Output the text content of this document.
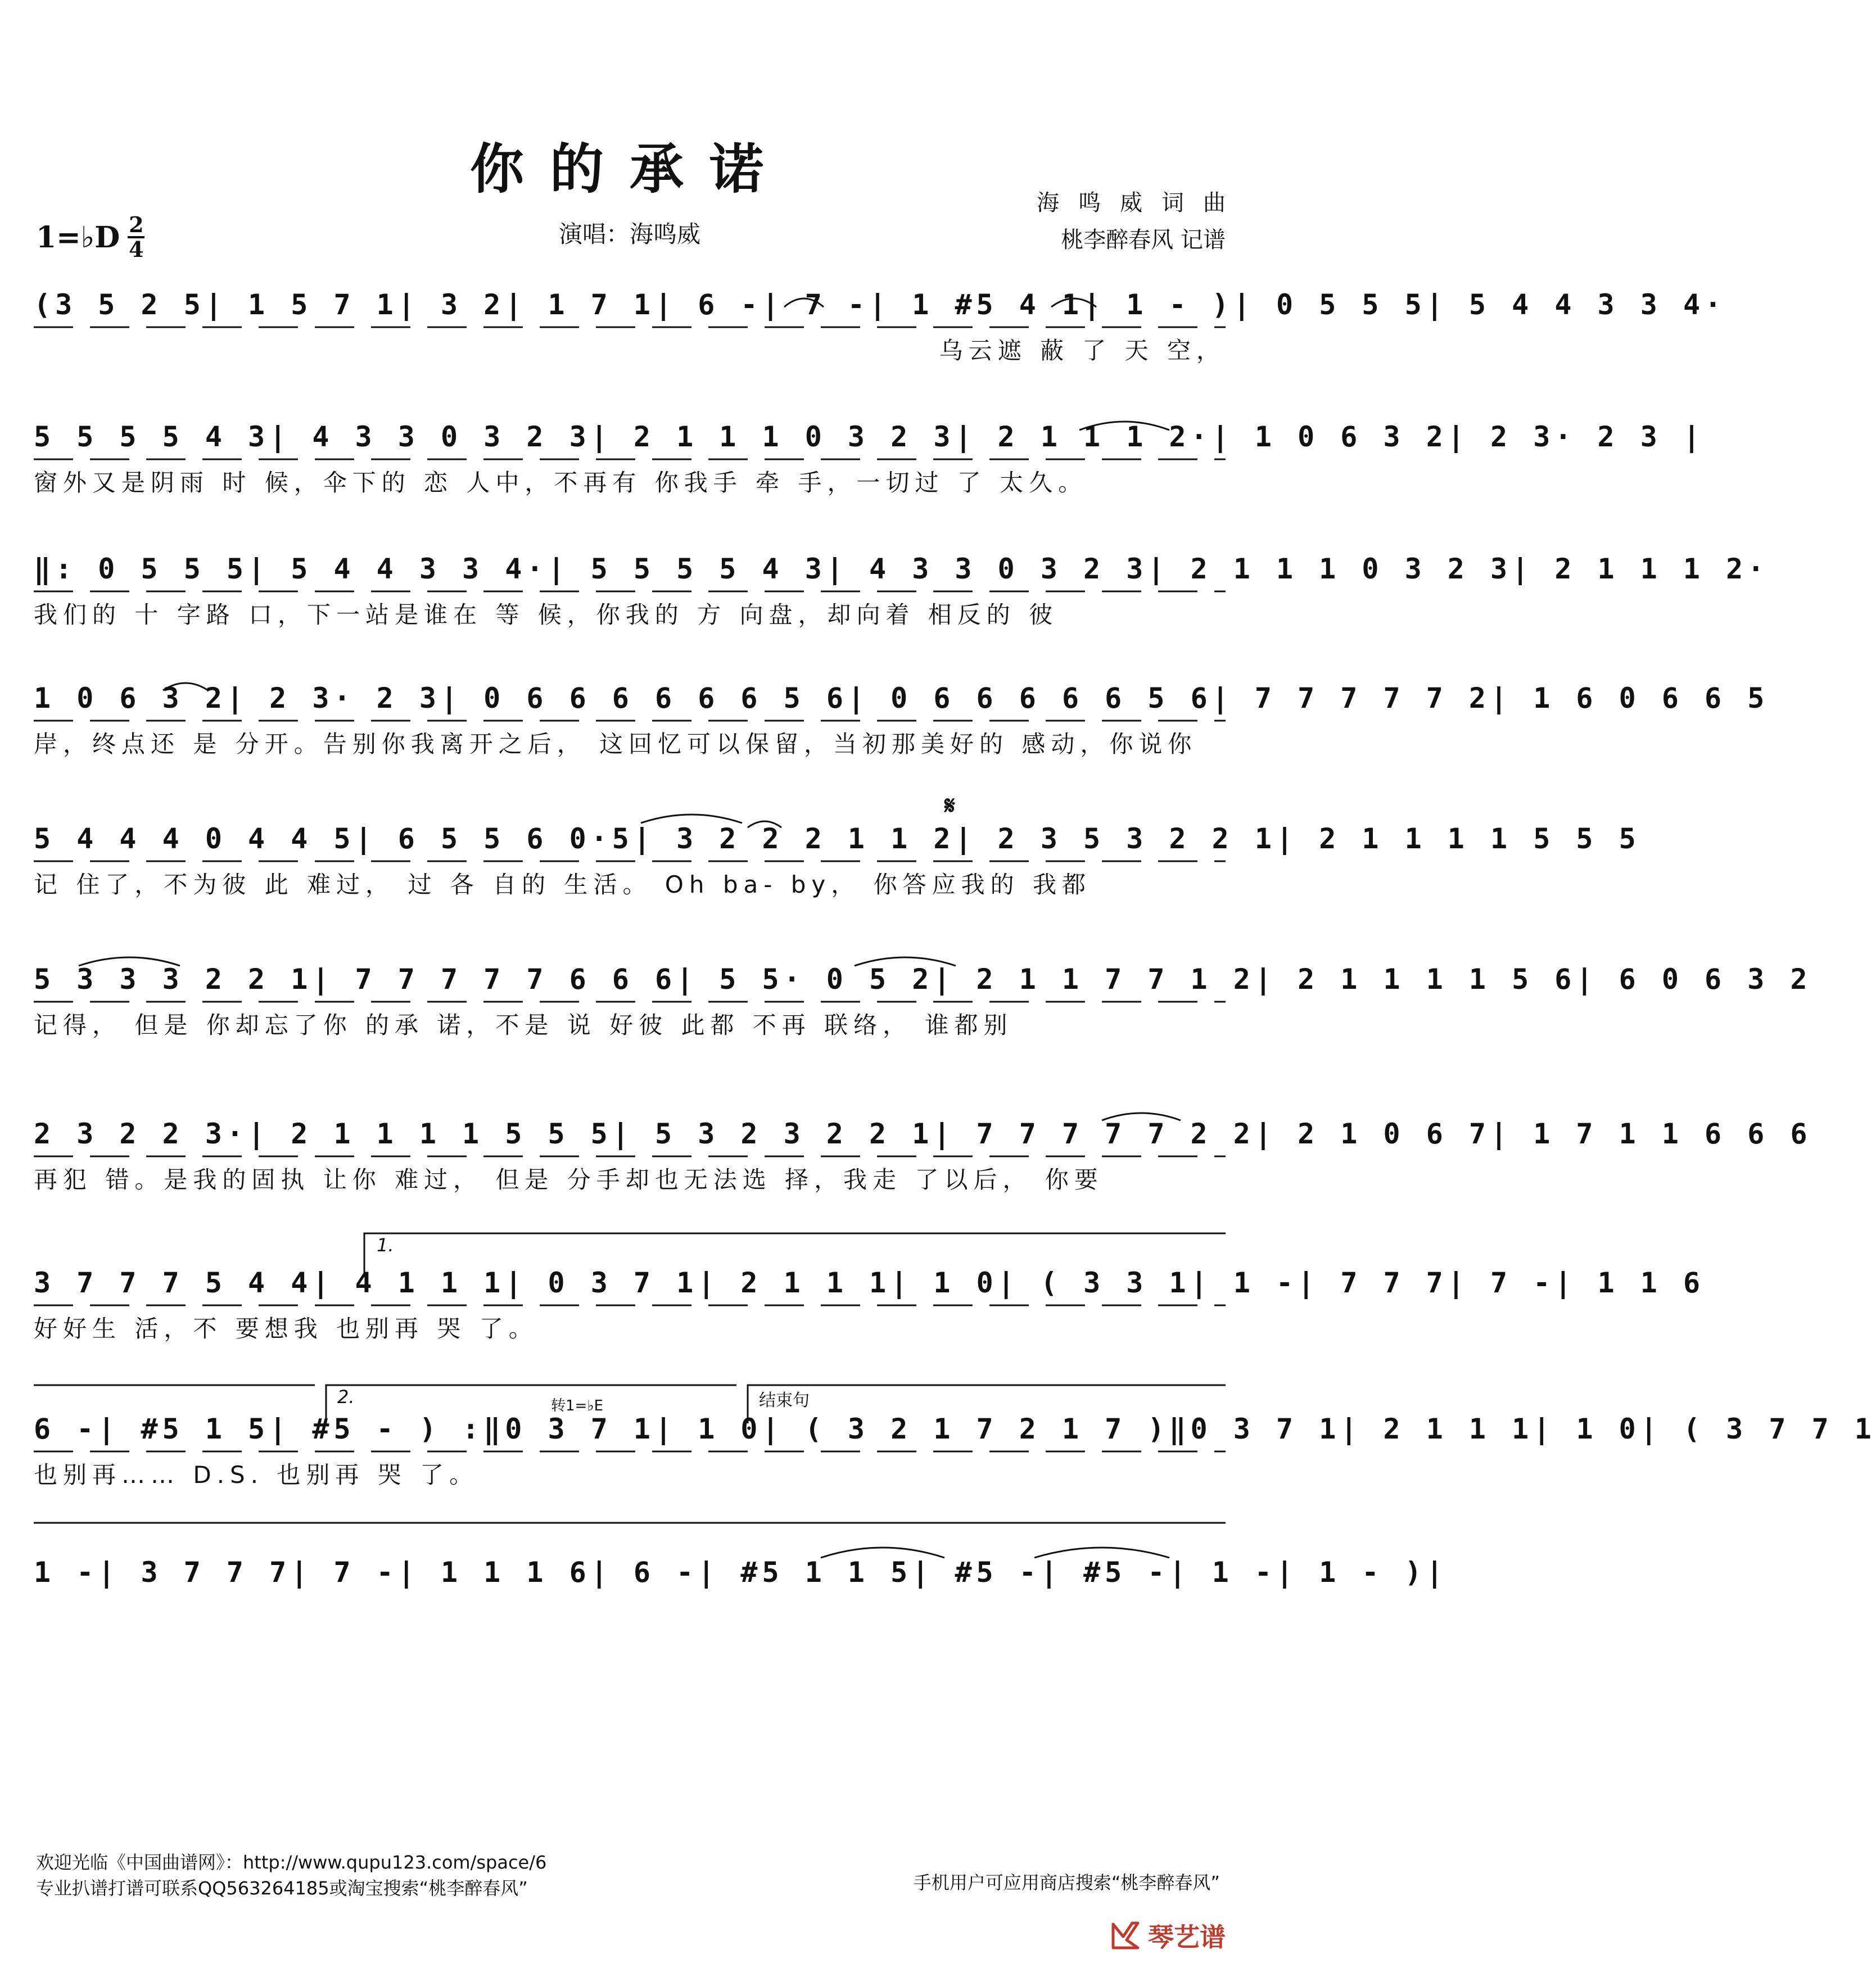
你的承诺
1=♭D $\frac{2}{4}$	演唱：海鸣威
海鸣威词曲
桃李醉春风 记谱
(3 5 2 5 | 1 5 7 1 | 3 2 | 1 7 1 | 6 - | 7 - | 1 #5 4 1 | 1 - ) | 0 5 5 5 | 5 4 4 3 3 4·
乌云遮 蔽 了 天 空，
5 5 5 5 4 3 | 4 3 3 0 3 2 3 | 2 1 1 1 0 3 2 3 | 2 1 1 1 2· | 1 0 6 3 2 | 2 3· 2 3 |
窗外又是阴雨 时 候，伞下的 恋 人中，不再有 你我手 牵 手，一切过 了 太久。
‖: 0 5 5 5 | 5 4 4 3 3 4· | 5 5 5 5 4 3 | 4 3 3 0 3 2 3 | 2 1 1 1 0 3 2 3 | 2 1 1 1 2·
我们的 十 字路 口，下一站是谁在 等 候，你我的 方 向盘，却向着 相反的 彼
1 0 6 3 2 | 2 3· 2 3 | 0 6 6 6 6 6 6 5 6 | 0 6 6 6 6 6 5 6 | 7 7 7 7 7 2 | 1 6 0 6 6 5
岸，终点还 是 分开。告别你我离开之后， 这回忆可以保留，当初那美好的 感动，你说你
𝄋
5 4 4 4 0 4 4 5 | 6 5 5 6 0·5 | 3 2 2 2 1 1 2 | 2 3 5 3 2 2 1 | 2 1 1 1 1 5 5 5
记 住了，不为彼 此 难过， 过 各 自的 生活。 Oh ba- by， 你答应我的 我都
5 3 3 3 2 2 1 | 7 7 7 7 7 6 6 6 | 5 5· 0 5 2 | 2 1 1 7 7 1 2 | 2 1 1 1 1 5 6 | 6 0 6 3 2
记得， 但是 你却忘了你 的承 诺，不是 说 好彼 此都 不再 联络， 谁都别
2 3 2 2 3· | 2 1 1 1 1 5 5 5 | 5 3 2 3 2 2 1 | 7 7 7 7 7 2 2 | 2 1 0 6 7 | 1 7 1 1 6 6 6
再犯 错。是我的固执 让你 难过， 但是 分手却也无法选 择，我走 了以后， 你要
1.
3 7 7 7 5 4 4 | 4 1 1 1 | 0 3 7 1 | 2 1 1 1 | 1 0 | ( 3 3 1 | 1 - | 7 7 7 | 7 - | 1 1 6
好好生 活，不 要想我 也别再 哭 了。
2.	转1=♭E	结束句
6 - | #5 1 5 | #5 - ) :‖ 0 3 7 1 | 1 0 | ( 3 2 1 7 2 1 7 )‖ 0 3 7 1 | 2 1 1 1 | 1 0 | ( 3 7 7 1
也别再…… D.S. 也别再 哭 了。
1 - | 3 7 7 7 | 7 - | 1 1 1 6 | 6 - | #5 1 1 5 | #5 - | #5 - | 1 - | 1 - )|
欢迎光临《中国曲谱网》：http://www.qupu123.com/space/6
专业扒谱打谱可联系QQ563264185或淘宝搜索“桃李醉春风”	手机用户可应用商店搜索“桃李醉春风”
琴艺谱
